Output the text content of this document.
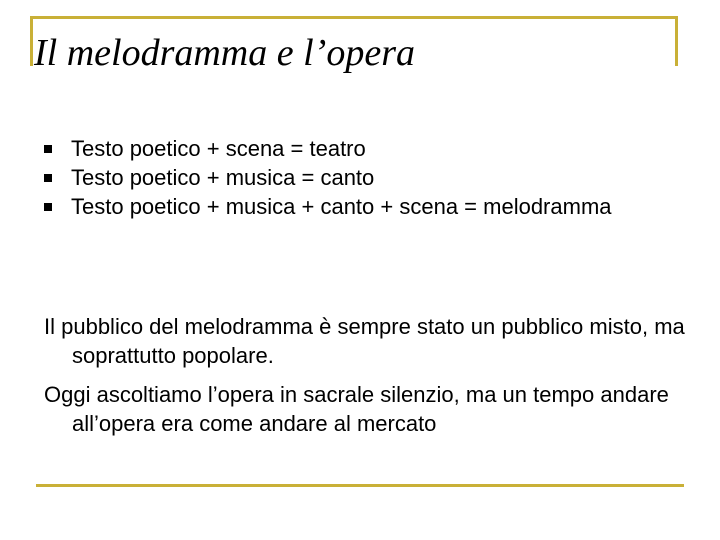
Il melodramma e l’opera
Testo poetico + scena = teatro
Testo poetico + musica = canto
Testo poetico + musica + canto + scena = melodramma

Il pubblico del melodramma è sempre stato un pubblico misto, ma soprattutto popolare.

Oggi ascoltiamo l’opera in sacrale silenzio, ma un tempo andare all’opera era come andare al mercato
